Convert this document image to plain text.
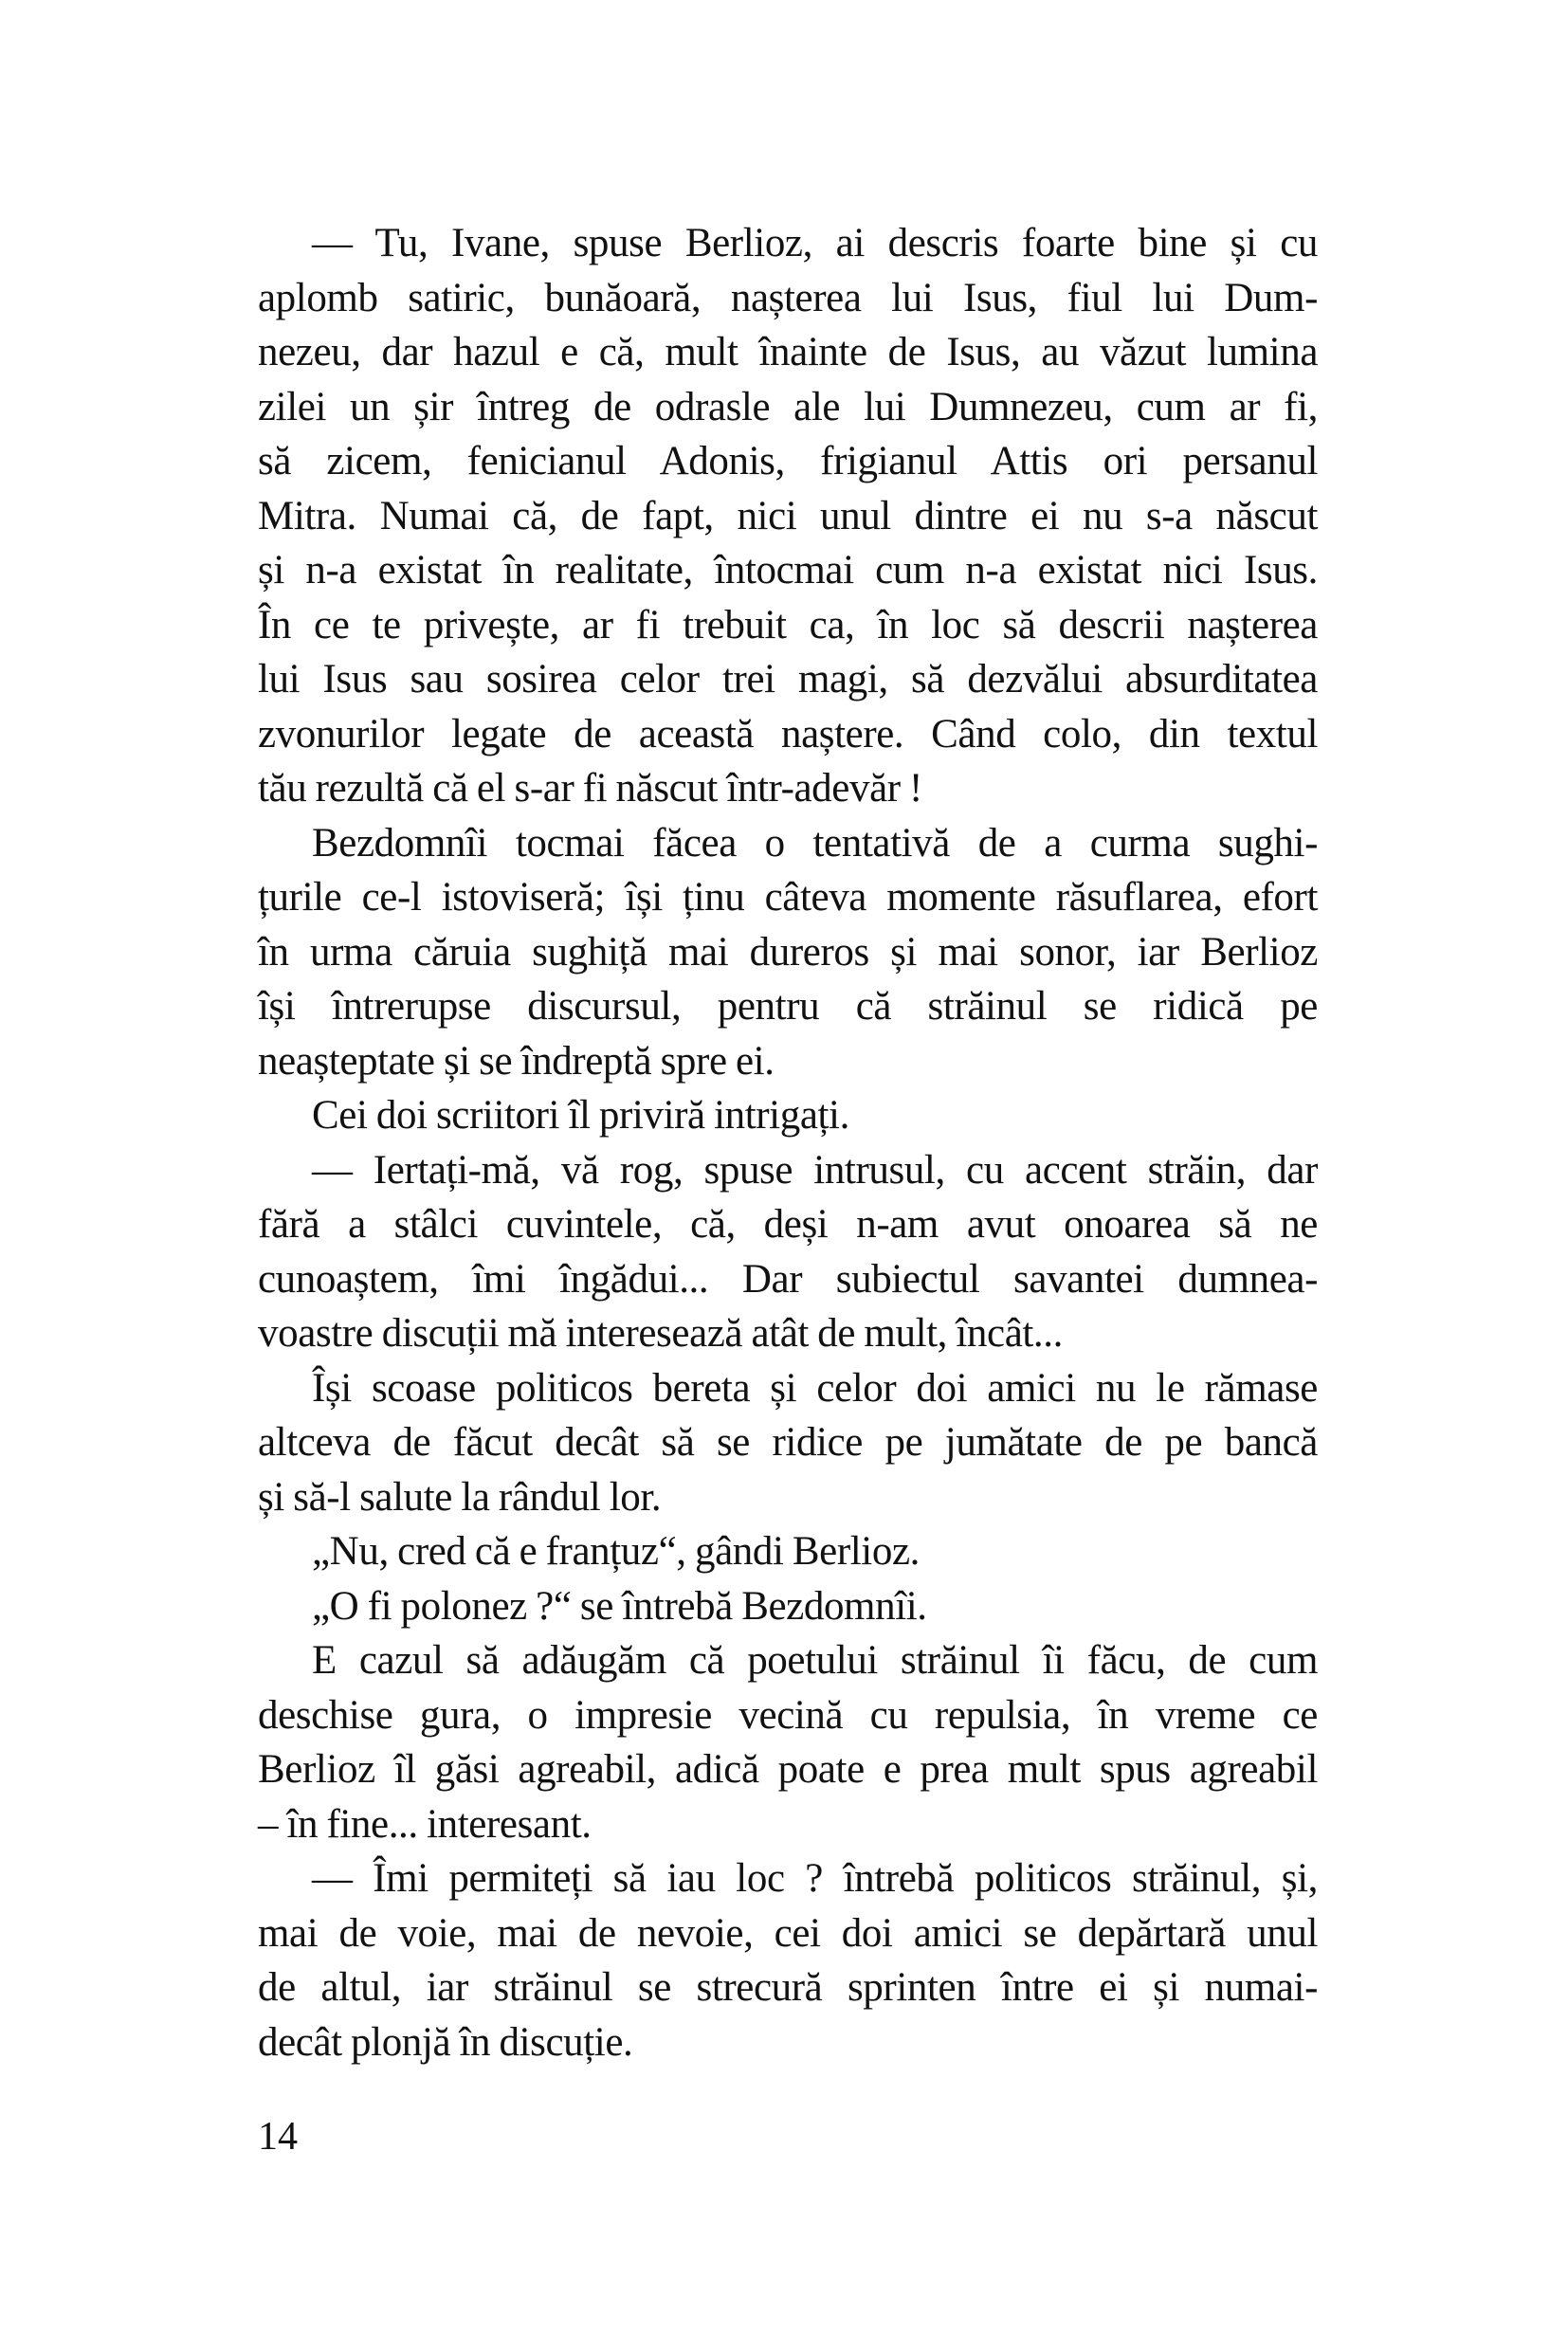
— Tu, Ivane, spuse Berlioz, ai descris foarte bine și cu
aplomb satiric, bunăoară, nașterea lui Isus, fiul lui Dum-
nezeu, dar hazul e că, mult înainte de Isus, au văzut lumina
zilei un șir întreg de odrasle ale lui Dumnezeu, cum ar fi,
să zicem, fenicianul Adonis, frigianul Attis ori persanul
Mitra. Numai că, de fapt, nici unul dintre ei nu s-a născut
și n-a existat în realitate, întocmai cum n-a existat nici Isus.
În ce te privește, ar fi trebuit ca, în loc să descrii nașterea
lui Isus sau sosirea celor trei magi, să dezvălui absurditatea
zvonurilor legate de această naștere. Când colo, din textul
tău rezultă că el s-ar fi născut într-adevăr !
Bezdomnîi tocmai făcea o tentativă de a curma sughi-
țurile ce-l istoviseră; își ținu câteva momente răsuflarea, efort
în urma căruia sughiță mai dureros și mai sonor, iar Berlioz
își întrerupse discursul, pentru că străinul se ridică pe
neașteptate și se îndreptă spre ei.
Cei doi scriitori îl priviră intrigați.
— Iertați-mă, vă rog, spuse intrusul, cu accent străin, dar
fără a stâlci cuvintele, că, deși n-am avut onoarea să ne
cunoaștem, îmi îngădui... Dar subiectul savantei dumnea-
voastre discuții mă interesează atât de mult, încât...
Își scoase politicos bereta și celor doi amici nu le rămase
altceva de făcut decât să se ridice pe jumătate de pe bancă
și să-l salute la rândul lor.
„Nu, cred că e franțuz“, gândi Berlioz.
„O fi polonez ?“ se întrebă Bezdomnîi.
E cazul să adăugăm că poetului străinul îi făcu, de cum
deschise gura, o impresie vecină cu repulsia, în vreme ce
Berlioz îl găsi agreabil, adică poate e prea mult spus agreabil
– în fine... interesant.
— Îmi permiteți să iau loc ? întrebă politicos străinul, și,
mai de voie, mai de nevoie, cei doi amici se depărtară unul
de altul, iar străinul se strecură sprinten între ei și numai-
decât plonjă în discuție.
14
